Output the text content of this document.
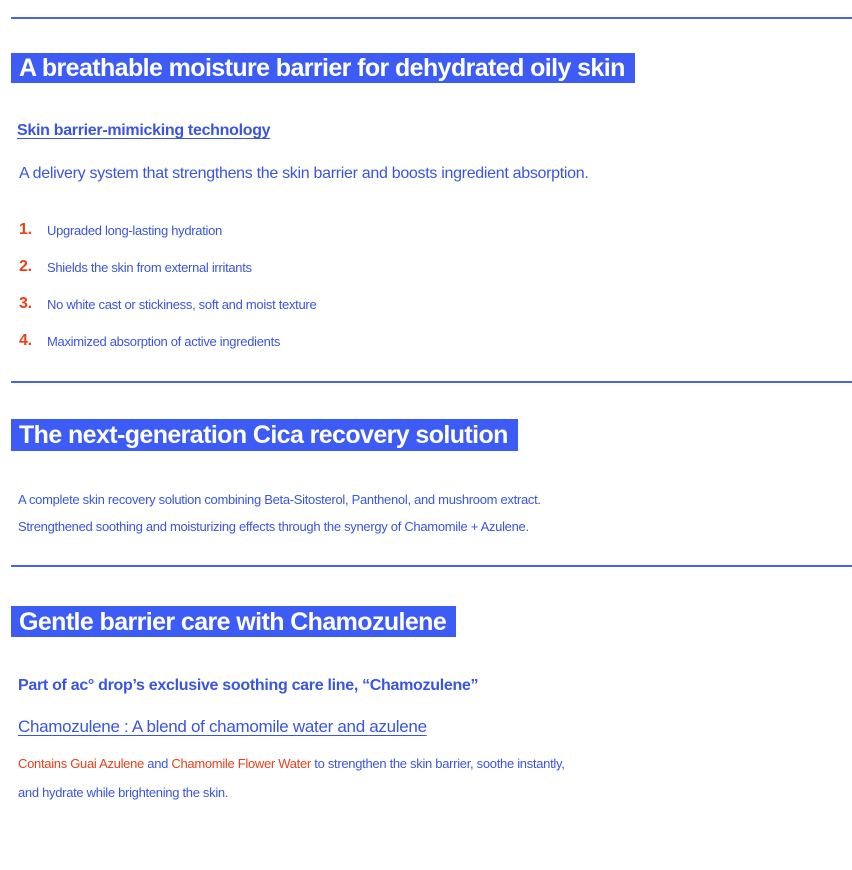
A breathable moisture barrier for dehydrated oily skin
Skin barrier-mimicking technology
A delivery system that strengthens the skin barrier and boosts ingredient absorption.
1. Upgraded long-lasting hydration
2. Shields the skin from external irritants
3. No white cast or stickiness, soft and moist texture
4. Maximized absorption of active ingredients
The next-generation Cica recovery solution
A complete skin recovery solution combining Beta-Sitosterol, Panthenol, and mushroom extract.
Strengthened soothing and moisturizing effects through the synergy of Chamomile + Azulene.
Gentle barrier care with Chamozulene
Part of ac° drop’s exclusive soothing care line, “Chamozulene”
Chamozulene : A blend of chamomile water and azulene
Contains Guai Azulene and Chamomile Flower Water to strengthen the skin barrier, soothe instantly,
and hydrate while brightening the skin.
